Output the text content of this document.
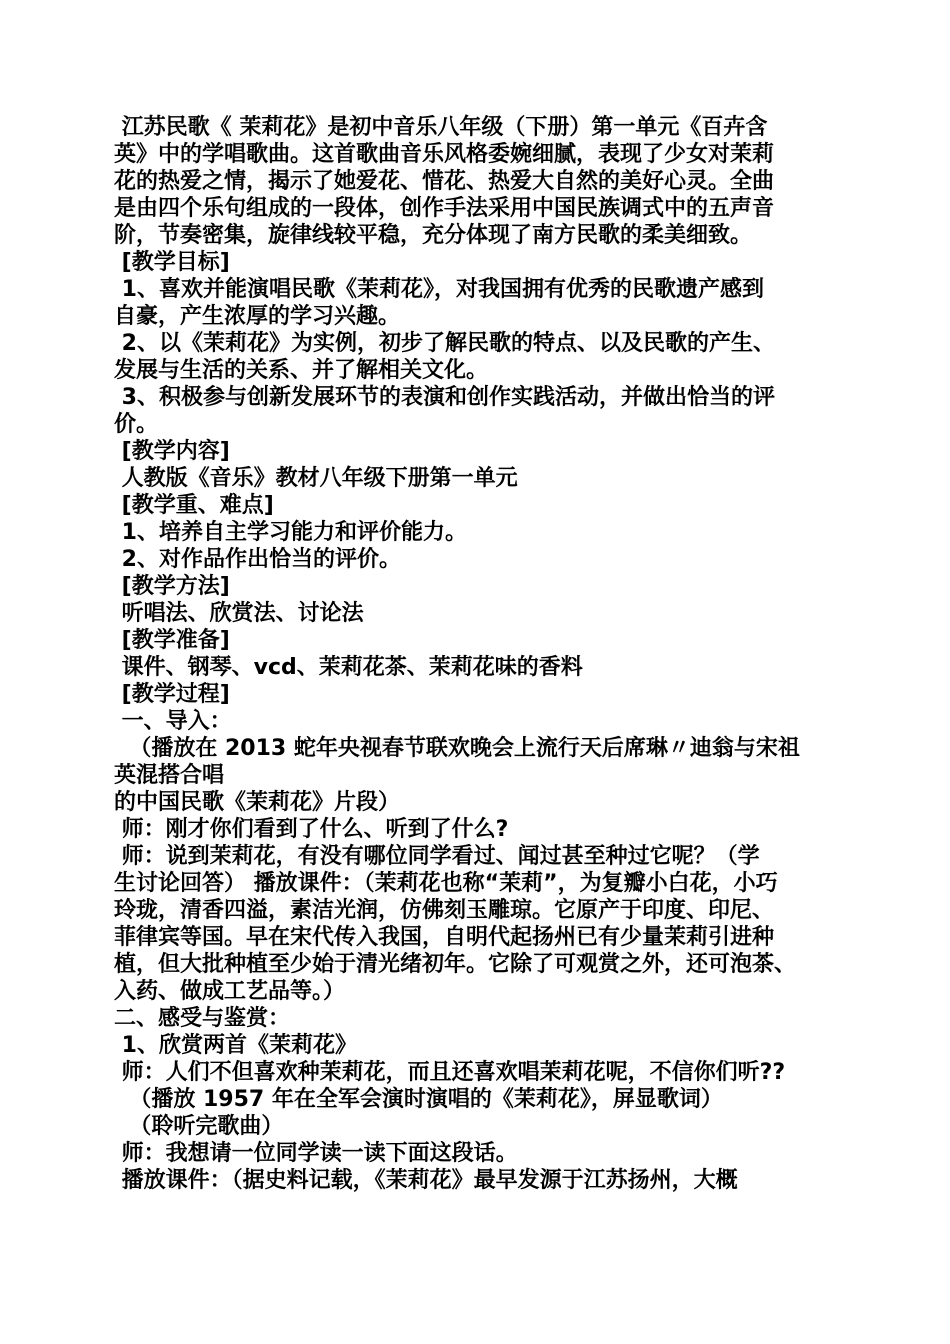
江苏民歌《 茉莉花》是初中音乐八年级（下册）第一单元《百卉含
英》中的学唱歌曲。这首歌曲音乐风格委婉细腻，表现了少女对茉莉
花的热爱之情，揭示了她爱花、惜花、热爱大自然的美好心灵。全曲
是由四个乐句组成的一段体，创作手法采用中国民族调式中的五声音
阶，节奏密集，旋律线较平稳，充分体现了南方民歌的柔美细致。
[教学目标]
1、喜欢并能演唱民歌《茉莉花》，对我国拥有优秀的民歌遗产感到
自豪，产生浓厚的学习兴趣。
2、以《茉莉花》为实例，初步了解民歌的特点、以及民歌的产生、
发展与生活的关系、并了解相关文化。
3、积极参与创新发展环节的表演和创作实践活动，并做出恰当的评
价。
[教学内容]
人教版《音乐》教材八年级下册第一单元
[教学重、难点]
1、培养自主学习能力和评价能力。
2、对作品作出恰当的评价。
[教学方法]
听唱法、欣赏法、讨论法
[教学准备]
课件、钢琴、vcd、茉莉花茶、茉莉花味的香料
[教学过程]
一、导入：
（播放在 2013 蛇年央视春节联欢晚会上流行天后席琳〃迪翁与宋祖
英混搭合唱
的中国民歌《茉莉花》片段）
师：刚才你们看到了什么、听到了什么?
师：说到茉莉花，有没有哪位同学看过、闻过甚至种过它呢？（学
生讨论回答） 播放课件：（茉莉花也称“茉莉”，为复瓣小白花，小巧
玲珑，清香四溢，素洁光润，仿佛刻玉雕琼。它原产于印度、印尼、
菲律宾等国。早在宋代传入我国，自明代起扬州已有少量茉莉引进种
植，但大批种植至少始于清光绪初年。它除了可观赏之外，还可泡茶、
入药、做成工艺品等。）
二、感受与鉴赏：
1、欣赏两首《茉莉花》
师：人们不但喜欢种茉莉花，而且还喜欢唱茉莉花呢，不信你们听??
（播放 1957 年在全军会演时演唱的《茉莉花》，屏显歌词）
（聆听完歌曲）
师：我想请一位同学读一读下面这段话。
播放课件：（据史料记载，《茉莉花》最早发源于江苏扬州，大概
